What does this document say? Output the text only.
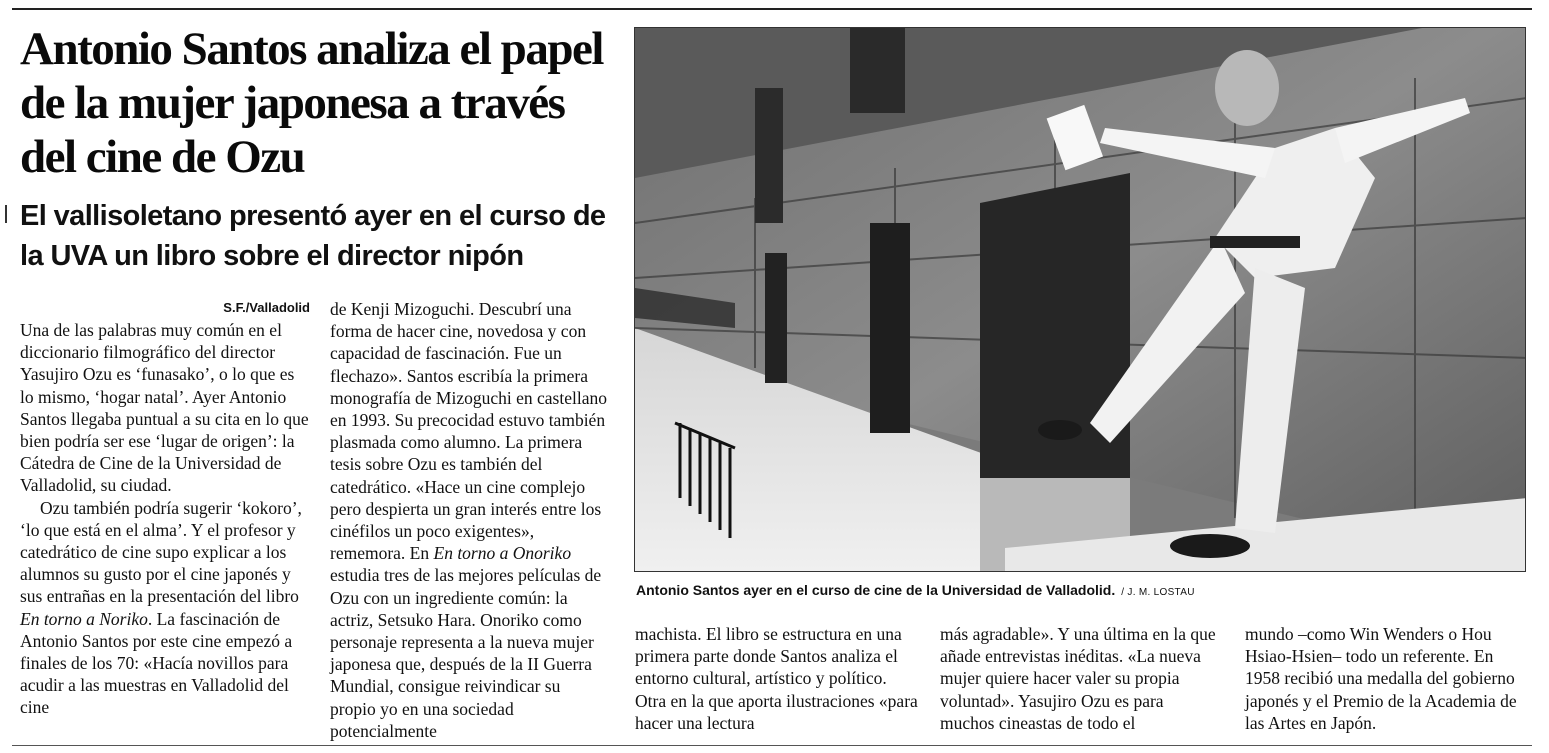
Antonio Santos analiza el papel de la mujer japonesa a través del cine de Ozu
El vallisoletano presentó ayer en el curso de la UVA un libro sobre el director nipón
S.F./Valladolid

Una de las palabras muy común en el diccionario filmográfico del director Yasujiro Ozu es ‘funasako’, o lo que es lo mismo, ‘hogar natal’. Ayer Antonio Santos llegaba puntual a su cita en lo que bien podría ser ese ‘lugar de origen’: la Cátedra de Cine de la Universidad de Valladolid, su ciudad.

Ozu también podría sugerir ‘kokoro’, ‘lo que está en el alma’. Y el profesor y catedrático de cine supo explicar a los alumnos su gusto por el cine japonés y sus entrañas en la presentación del libro En torno a Noriko. La fascinación de Antonio Santos por este cine empezó a finales de los 70: «Hacía novillos para acudir a las muestras en Valladolid del cine

de Kenji Mizoguchi. Descubrí una forma de hacer cine, novedosa y con capacidad de fascinación. Fue un flechazo». Santos escribía la primera monografía de Mizoguchi en castellano en 1993. Su precocidad estuvo también plasmada como alumno. La primera tesis sobre Ozu es también del catedrático. «Hace un cine complejo pero despierta un gran interés entre los cinéfilos un poco exigentes», rememora. En En torno a Onoriko estudia tres de las mejores películas de Ozu con un ingrediente común: la actriz, Setsuko Hara. Onoriko como personaje representa a la nueva mujer japonesa que, después de la II Guerra Mundial, consigue reivindicar su propio yo en una sociedad potencialmente

Antonio Santos ayer en el curso de cine de la Universidad de Valladolid. / J. M. LOSTAU

machista. El libro se estructura en una primera parte donde Santos analiza el entorno cultural, artístico y político. Otra en la que aporta ilustraciones «para hacer una lectura

más agradable». Y una última en la que añade entrevistas inéditas. «La nueva mujer quiere hacer valer su propia voluntad». Yasujiro Ozu es para muchos cineastas de todo el

mundo –como Win Wenders o Hou Hsiao-Hsien– todo un referente. En 1958 recibió una medalla del gobierno japonés y el Premio de la Academia de las Artes en Japón.
